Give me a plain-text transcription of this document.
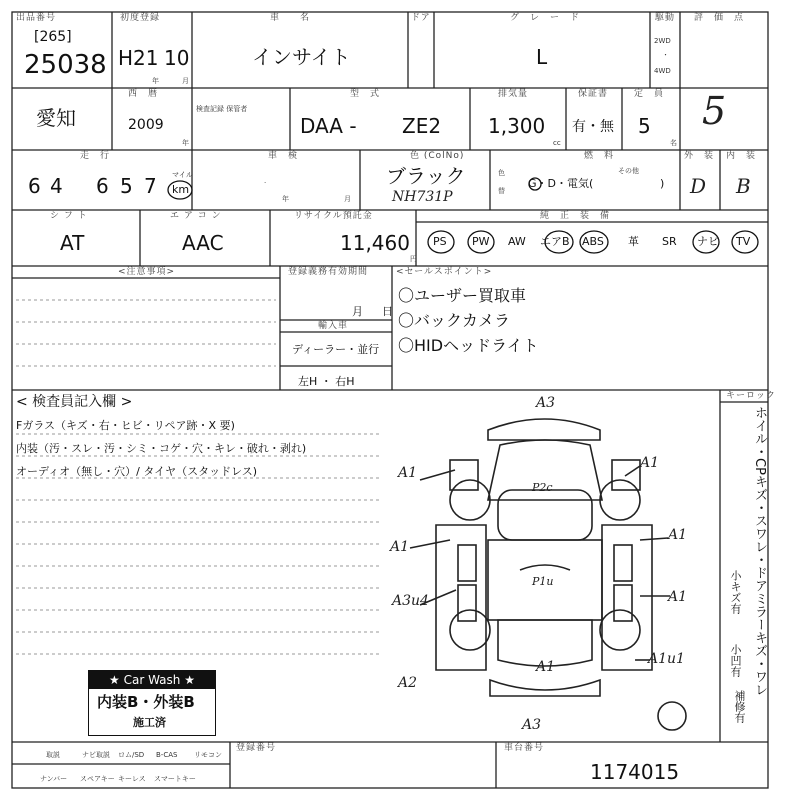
出品番号
[265]
25038
初度登録
H21 10
年	月
車　　名
インサイト
ドア	グ　レ　ー　ド
L
駆動
2WD
・
4WD
評　価　点
5
愛知
西　暦
2009
年
検査記録 保管者
型　式
DAA - ZE2
排気量
1,300
cc
保証書
有・無
定　員
5
名
走　行
6 4 6 5 7 マイル
km
車　検
.
年	月
色 (ColNo)
ブラック
NH731P
色
替
燃　料
G・D・電気(
その他
)
外　装
D
内　装
B
シ フ ト
AT
エ ア コ ン
AAC
リサイクル預託金
11,460
円
純　正　装　備
PS PW AW エアB ABS 革 SR ナビ TV
<注意事項>	登録義務有効期間
月 日
輸入車
ディーラー・並行
左H ・ 右H
<セールスポイント>
〇ユーザー買取車
〇バックカメラ
〇HIDヘッドライト
< 検査員記入欄 >
Fガラス（キズ・右・ヒビ・リペア跡・X 要)
内装（汚・スレ・汚・シミ・コゲ・穴・キレ・破れ・剥れ)
オーディオ（無し・穴）/ タイヤ（スタッドレス)
キーロック
A3
A1
A1
A1
A1
A1
A3u4
A1
A2
A1u1
A3
P2c
P1u
★ Car Wash ★
内装B・外装B
施工済
ホイル・CPキズ・スワレ・ドアミラーキズ・ワレ
小キズ有
小凹有
補修有
取説	ナビ取説 ロム/SD B-CAS リモコン
ナンバー スペアキー キーレス スマートキー
登録番号	車台番号
1174015
